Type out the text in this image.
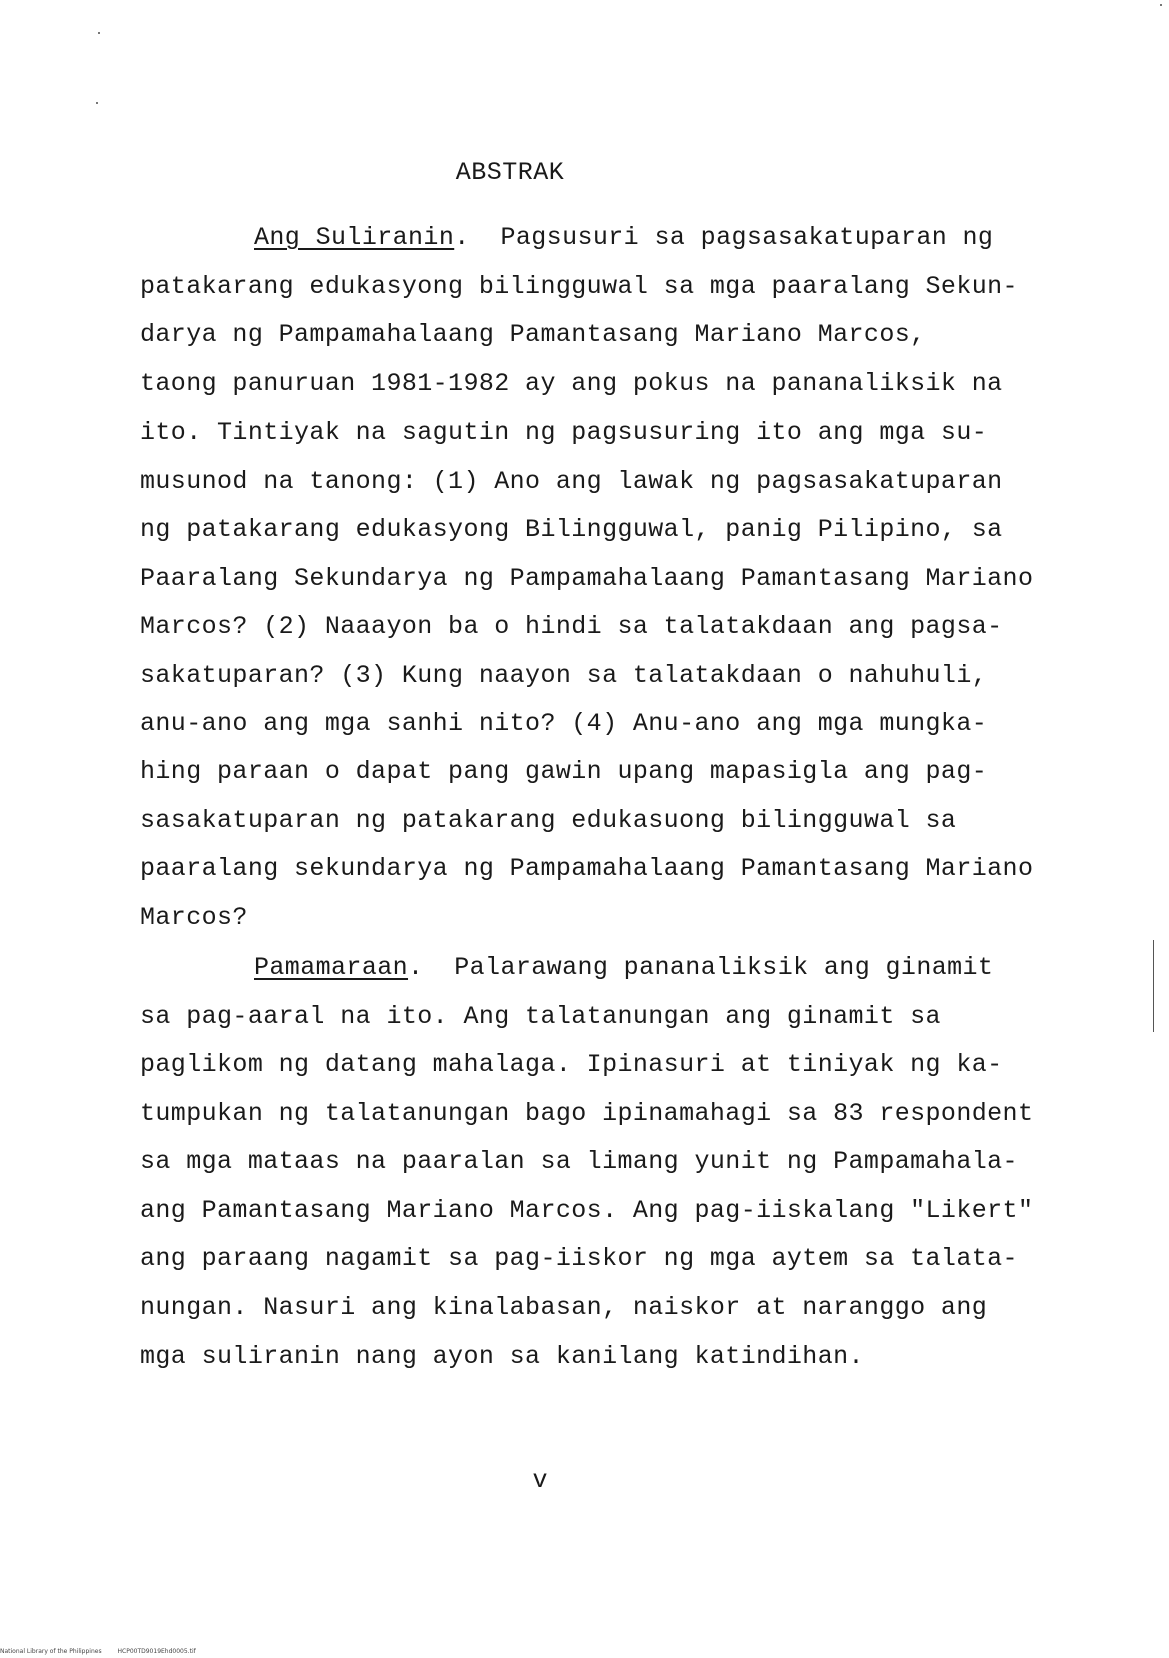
ABSTRAK
Ang Suliranin. Pagsusuri sa pagsasakatuparan ng
patakarang edukasyong bilingguwal sa mga paaralang Sekun-
darya ng Pampamahalaang Pamantasang Mariano Marcos,
taong panuruan 1981-1982 ay ang pokus na pananaliksik na
ito. Tintiyak na sagutin ng pagsusuring ito ang mga su-
musunod na tanong: (1) Ano ang lawak ng pagsasakatuparan
ng patakarang edukasyong Bilingguwal, panig Pilipino, sa
Paaralang Sekundarya ng Pampamahalaang Pamantasang Mariano
Marcos? (2) Naaayon ba o hindi sa talatakdaan ang pagsa-
sakatuparan? (3) Kung naayon sa talatakdaan o nahuhuli,
anu-ano ang mga sanhi nito? (4) Anu-ano ang mga mungka-
hing paraan o dapat pang gawin upang mapasigla ang pag-
sasakatuparan ng patakarang edukasuong bilingguwal sa
paaralang sekundarya ng Pampamahalaang Pamantasang Mariano
Marcos?
Pamamaraan. Palarawang pananaliksik ang ginamit
sa pag-aaral na ito. Ang talatanungan ang ginamit sa
paglikom ng datang mahalaga. Ipinasuri at tiniyak ng ka-
tumpukan ng talatanungan bago ipinamahagi sa 83 respondent
sa mga mataas na paaralan sa limang yunit ng Pampamahala-
ang Pamantasang Mariano Marcos. Ang pag-iiskalang "Likert"
ang paraang nagamit sa pag-iiskor ng mga aytem sa talata-
nungan. Nasuri ang kinalabasan, naiskor at naranggo ang
mga suliranin nang ayon sa kanilang katindihan.
v
National Library of the Philippines	HCP00TD9019Ehd0005.tif
